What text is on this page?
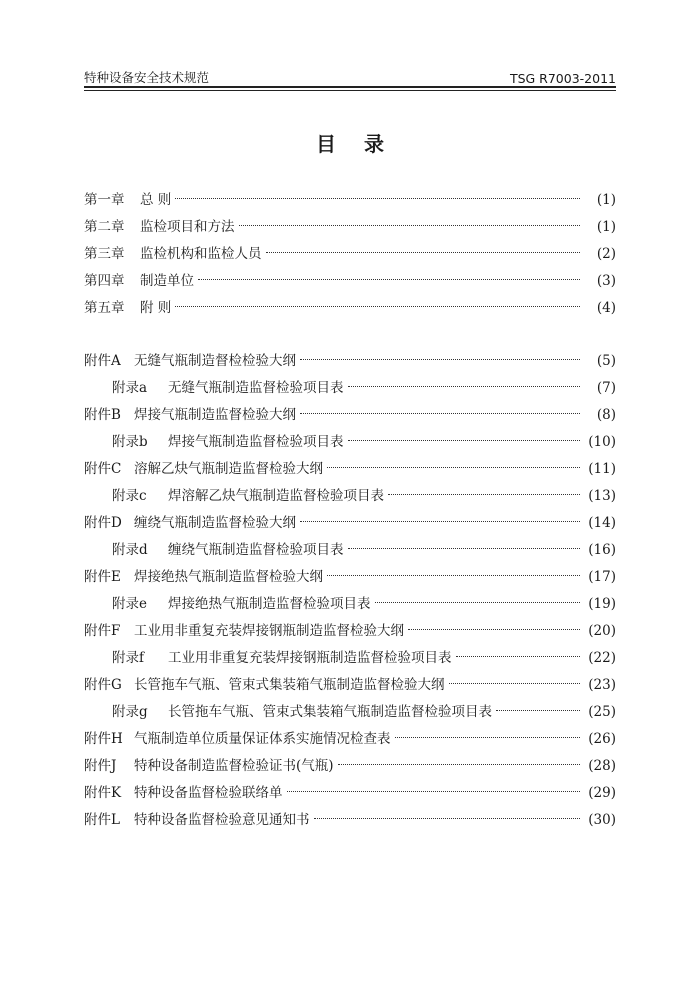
特种设备安全技术规范	TSG R7003-2011
目录
第一章	总 则	(1)
第二章	监检项目和方法	(1)
第三章	监检机构和监检人员	(2)
第四章	制造单位	(3)
第五章	附 则	(4)
附件A 无缝气瓶制造督检检验大纲	(5)
附录a	无缝气瓶制造监督检验项目表	(7)
附件B 焊接气瓶制造监督检验大纲	(8)
附录b	焊接气瓶制造监督检验项目表	(10)
附件C 溶解乙炔气瓶制造监督检验大纲	(11)
附录c	焊溶解乙炔气瓶制造监督检验项目表	(13)
附件D 缠绕气瓶制造监督检验大纲	(14)
附录d	缠绕气瓶制造监督检验项目表	(16)
附件E 焊接绝热气瓶制造监督检验大纲	(17)
附录e	焊接绝热气瓶制造监督检验项目表	(19)
附件F	工业用非重复充装焊接钢瓶制造监督检验大纲	(20)
附录f	工业用非重复充装焊接钢瓶制造监督检验项目表	(22)
附件G 长管拖车气瓶、管束式集装箱气瓶制造监督检验大纲	(23)
附录g	长管拖车气瓶、管束式集装箱气瓶制造监督检验项目表	(25)
附件H 气瓶制造单位质量保证体系实施情况检查表	(26)
附件J	特种设备制造监督检验证书(气瓶)	(28)
附件K 特种设备监督检验联络单	(29)
附件L	特种设备监督检验意见通知书	(30)
